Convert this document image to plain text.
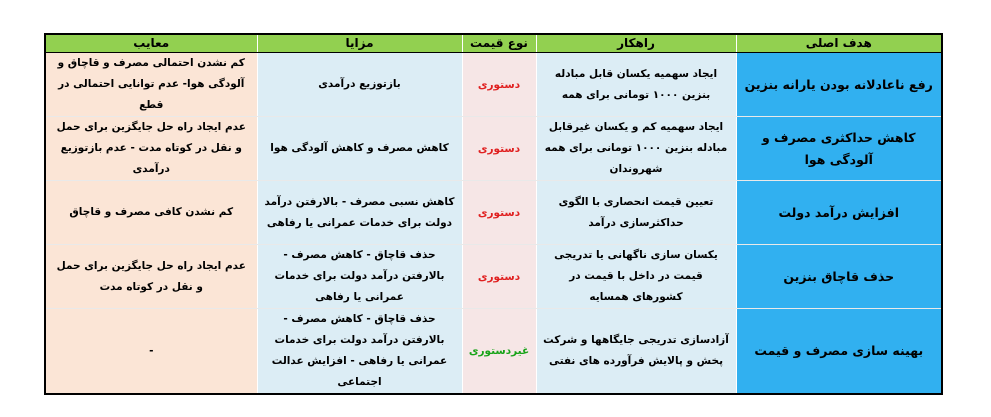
هدف اصلی	راهکار	نوع قیمت	مزایا	معایب

رفع ناعادلانه بودن یارانه بنزین	ایجاد سهمیه یکسان قابل مبادله بنزین ۱۰۰۰ تومانی برای همه	دستوری	بازتوزیع درآمدی	کم نشدن احتمالی مصرف و قاچاق و آلودگی هوا- عدم توانایی احتمالی در قطع

کاهش حداکثری مصرف و آلودگی هوا	ایجاد سهمیه کم و یکسان غیرقابل مبادله بنزین ۱۰۰۰ تومانی برای همه شهروندان	دستوری	کاهش مصرف و کاهش آلودگی هوا	عدم ایجاد راه حل جایگزین برای حمل و نقل در کوتاه مدت - عدم بازتوزیع درآمدی

افزایش درآمد دولت	تعیین قیمت انحصاری با الگوی حداکثرسازی درآمد	دستوری	کاهش نسبی مصرف - بالارفتن درآمد دولت برای خدمات عمرانی یا رفاهی	کم نشدن کافی مصرف و قاچاق

حذف قاچاق بنزین	یکسان سازی ناگهانی یا تدریجی قیمت در داخل با قیمت در کشورهای همسایه	دستوری	حذف قاچاق - کاهش مصرف - بالارفتن درآمد دولت برای خدمات عمرانی یا رفاهی	عدم ایجاد راه حل جایگزین برای حمل و نقل در کوتاه مدت

بهینه سازی مصرف و قیمت	آزادسازی تدریجی جایگاهها و شرکت پخش و پالایش فرآورده های نفتی	غیردستوری	حذف قاچاق - کاهش مصرف - بالارفتن درآمد دولت برای خدمات عمرانی یا رفاهی - افزایش عدالت اجتماعی	-
